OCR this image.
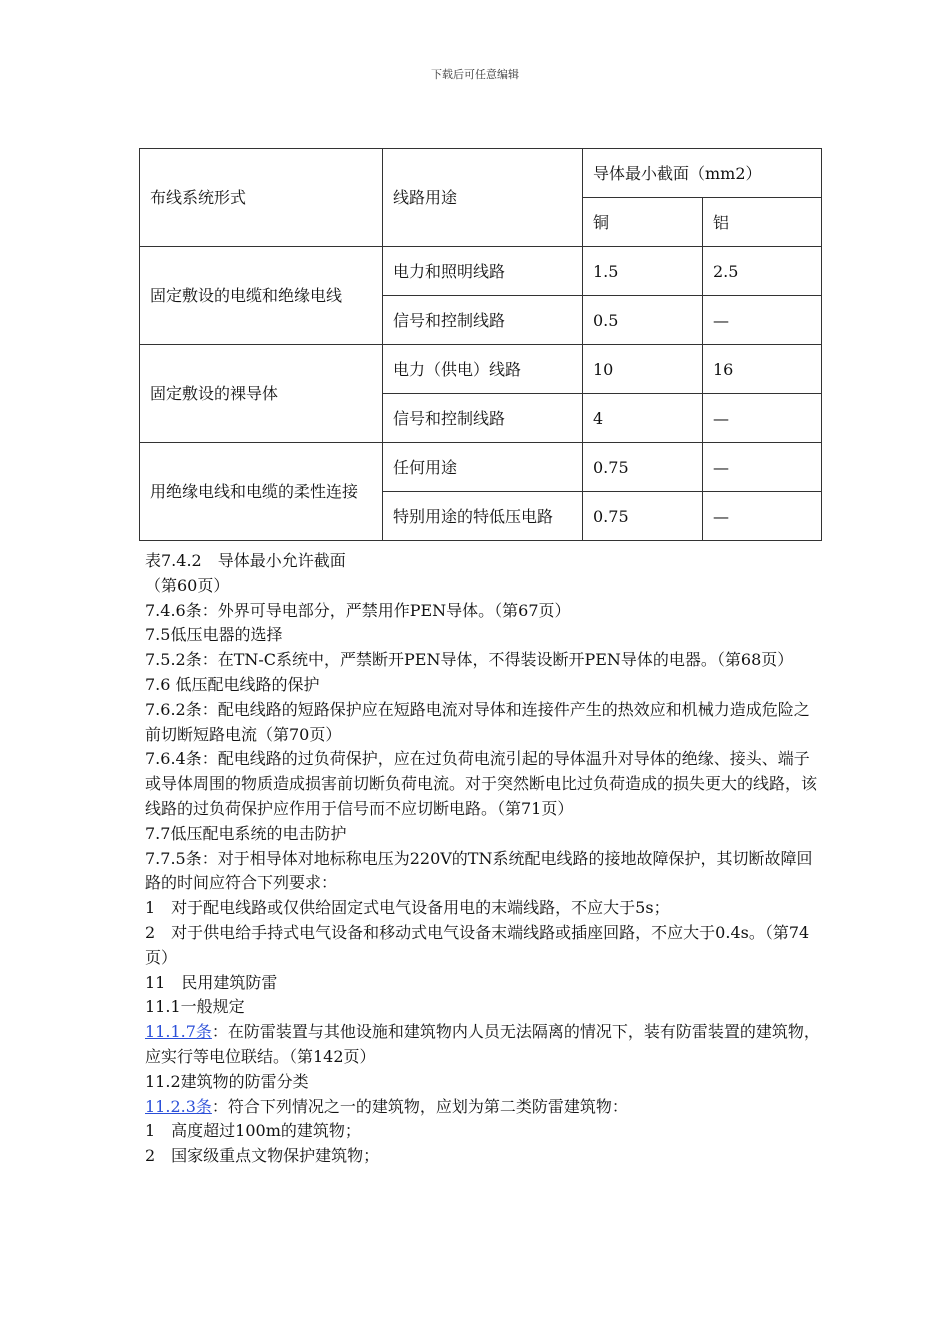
下载后可任意编辑
布线系统形式	线路用途	导体最小截面（mm2）	
		铜	铝
固定敷设的电缆和绝缘电线	电力和照明线路	1.5	2.5
	信号和控制线路	0.5	—
固定敷设的裸导体	电力（供电）线路	10	16
	信号和控制线路	4	—
用绝缘电线和电缆的柔性连接	任何用途	0.75	—
	特别用途的特低压电路	0.75	—
表7.4.2　导体最小允许截面
（第60页）
7.4.6条：外界可导电部分，严禁用作PEN导体。（第67页）
7.5低压电器的选择
7.5.2条：在TN-C系统中，严禁断开PEN导体，不得装设断开PEN导体的电器。（第68页）
7.6 低压配电线路的保护
7.6.2条：配电线路的短路保护应在短路电流对导体和连接件产生的热效应和机械力造成危险之前切断短路电流（第70页）
7.6.4条：配电线路的过负荷保护，应在过负荷电流引起的导体温升对导体的绝缘、接头、端子或导体周围的物质造成损害前切断负荷电流。对于突然断电比过负荷造成的损失更大的线路，该线路的过负荷保护应作用于信号而不应切断电路。（第71页）
7.7低压配电系统的电击防护
7.7.5条：对于相导体对地标称电压为220V的TN系统配电线路的接地故障保护，其切断故障回路的时间应符合下列要求：
1　对于配电线路或仅供给固定式电气设备用电的末端线路，不应大于5s；
2　对于供电给手持式电气设备和移动式电气设备末端线路或插座回路，不应大于0.4s。（第74页）
11　民用建筑防雷
11.1一般规定
11.1.7条：在防雷装置与其他设施和建筑物内人员无法隔离的情况下，装有防雷装置的建筑物，应实行等电位联结。（第142页）
11.2建筑物的防雷分类
11.2.3条：符合下列情况之一的建筑物，应划为第二类防雷建筑物：
1　高度超过100m的建筑物；
2　国家级重点文物保护建筑物；
